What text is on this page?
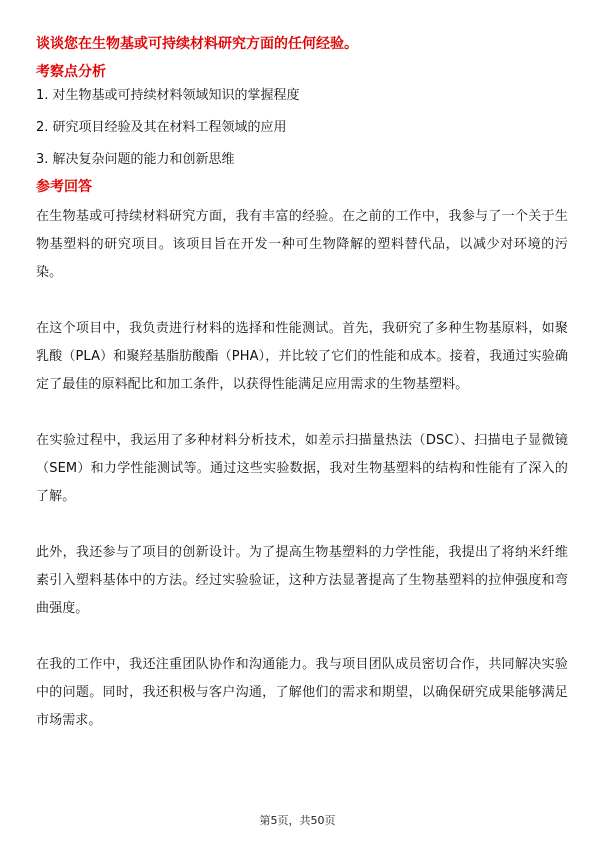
谈谈您在生物基或可持续材料研究方面的任何经验。
考察点分析
1. 对生物基或可持续材料领域知识的掌握程度
2. 研究项目经验及其在材料工程领域的应用
3. 解决复杂问题的能力和创新思维
参考回答

在生物基或可持续材料研究方面，我有丰富的经验。在之前的工作中，我参与了一个关于生物基塑料的研究项目。该项目旨在开发一种可生物降解的塑料替代品，以减少对环境的污染。

在这个项目中，我负责进行材料的选择和性能测试。首先，我研究了多种生物基原料，如聚乳酸（PLA）和聚羟基脂肪酸酯（PHA），并比较了它们的性能和成本。接着，我通过实验确定了最佳的原料配比和加工条件，以获得性能满足应用需求的生物基塑料。

在实验过程中，我运用了多种材料分析技术，如差示扫描量热法（DSC）、扫描电子显微镜（SEM）和力学性能测试等。通过这些实验数据，我对生物基塑料的结构和性能有了深入的了解。

此外，我还参与了项目的创新设计。为了提高生物基塑料的力学性能，我提出了将纳米纤维素引入塑料基体中的方法。经过实验验证，这种方法显著提高了生物基塑料的拉伸强度和弯曲强度。

在我的工作中，我还注重团队协作和沟通能力。我与项目团队成员密切合作，共同解决实验中的问题。同时，我还积极与客户沟通，了解他们的需求和期望，以确保研究成果能够满足市场需求。

第5页，共50页
